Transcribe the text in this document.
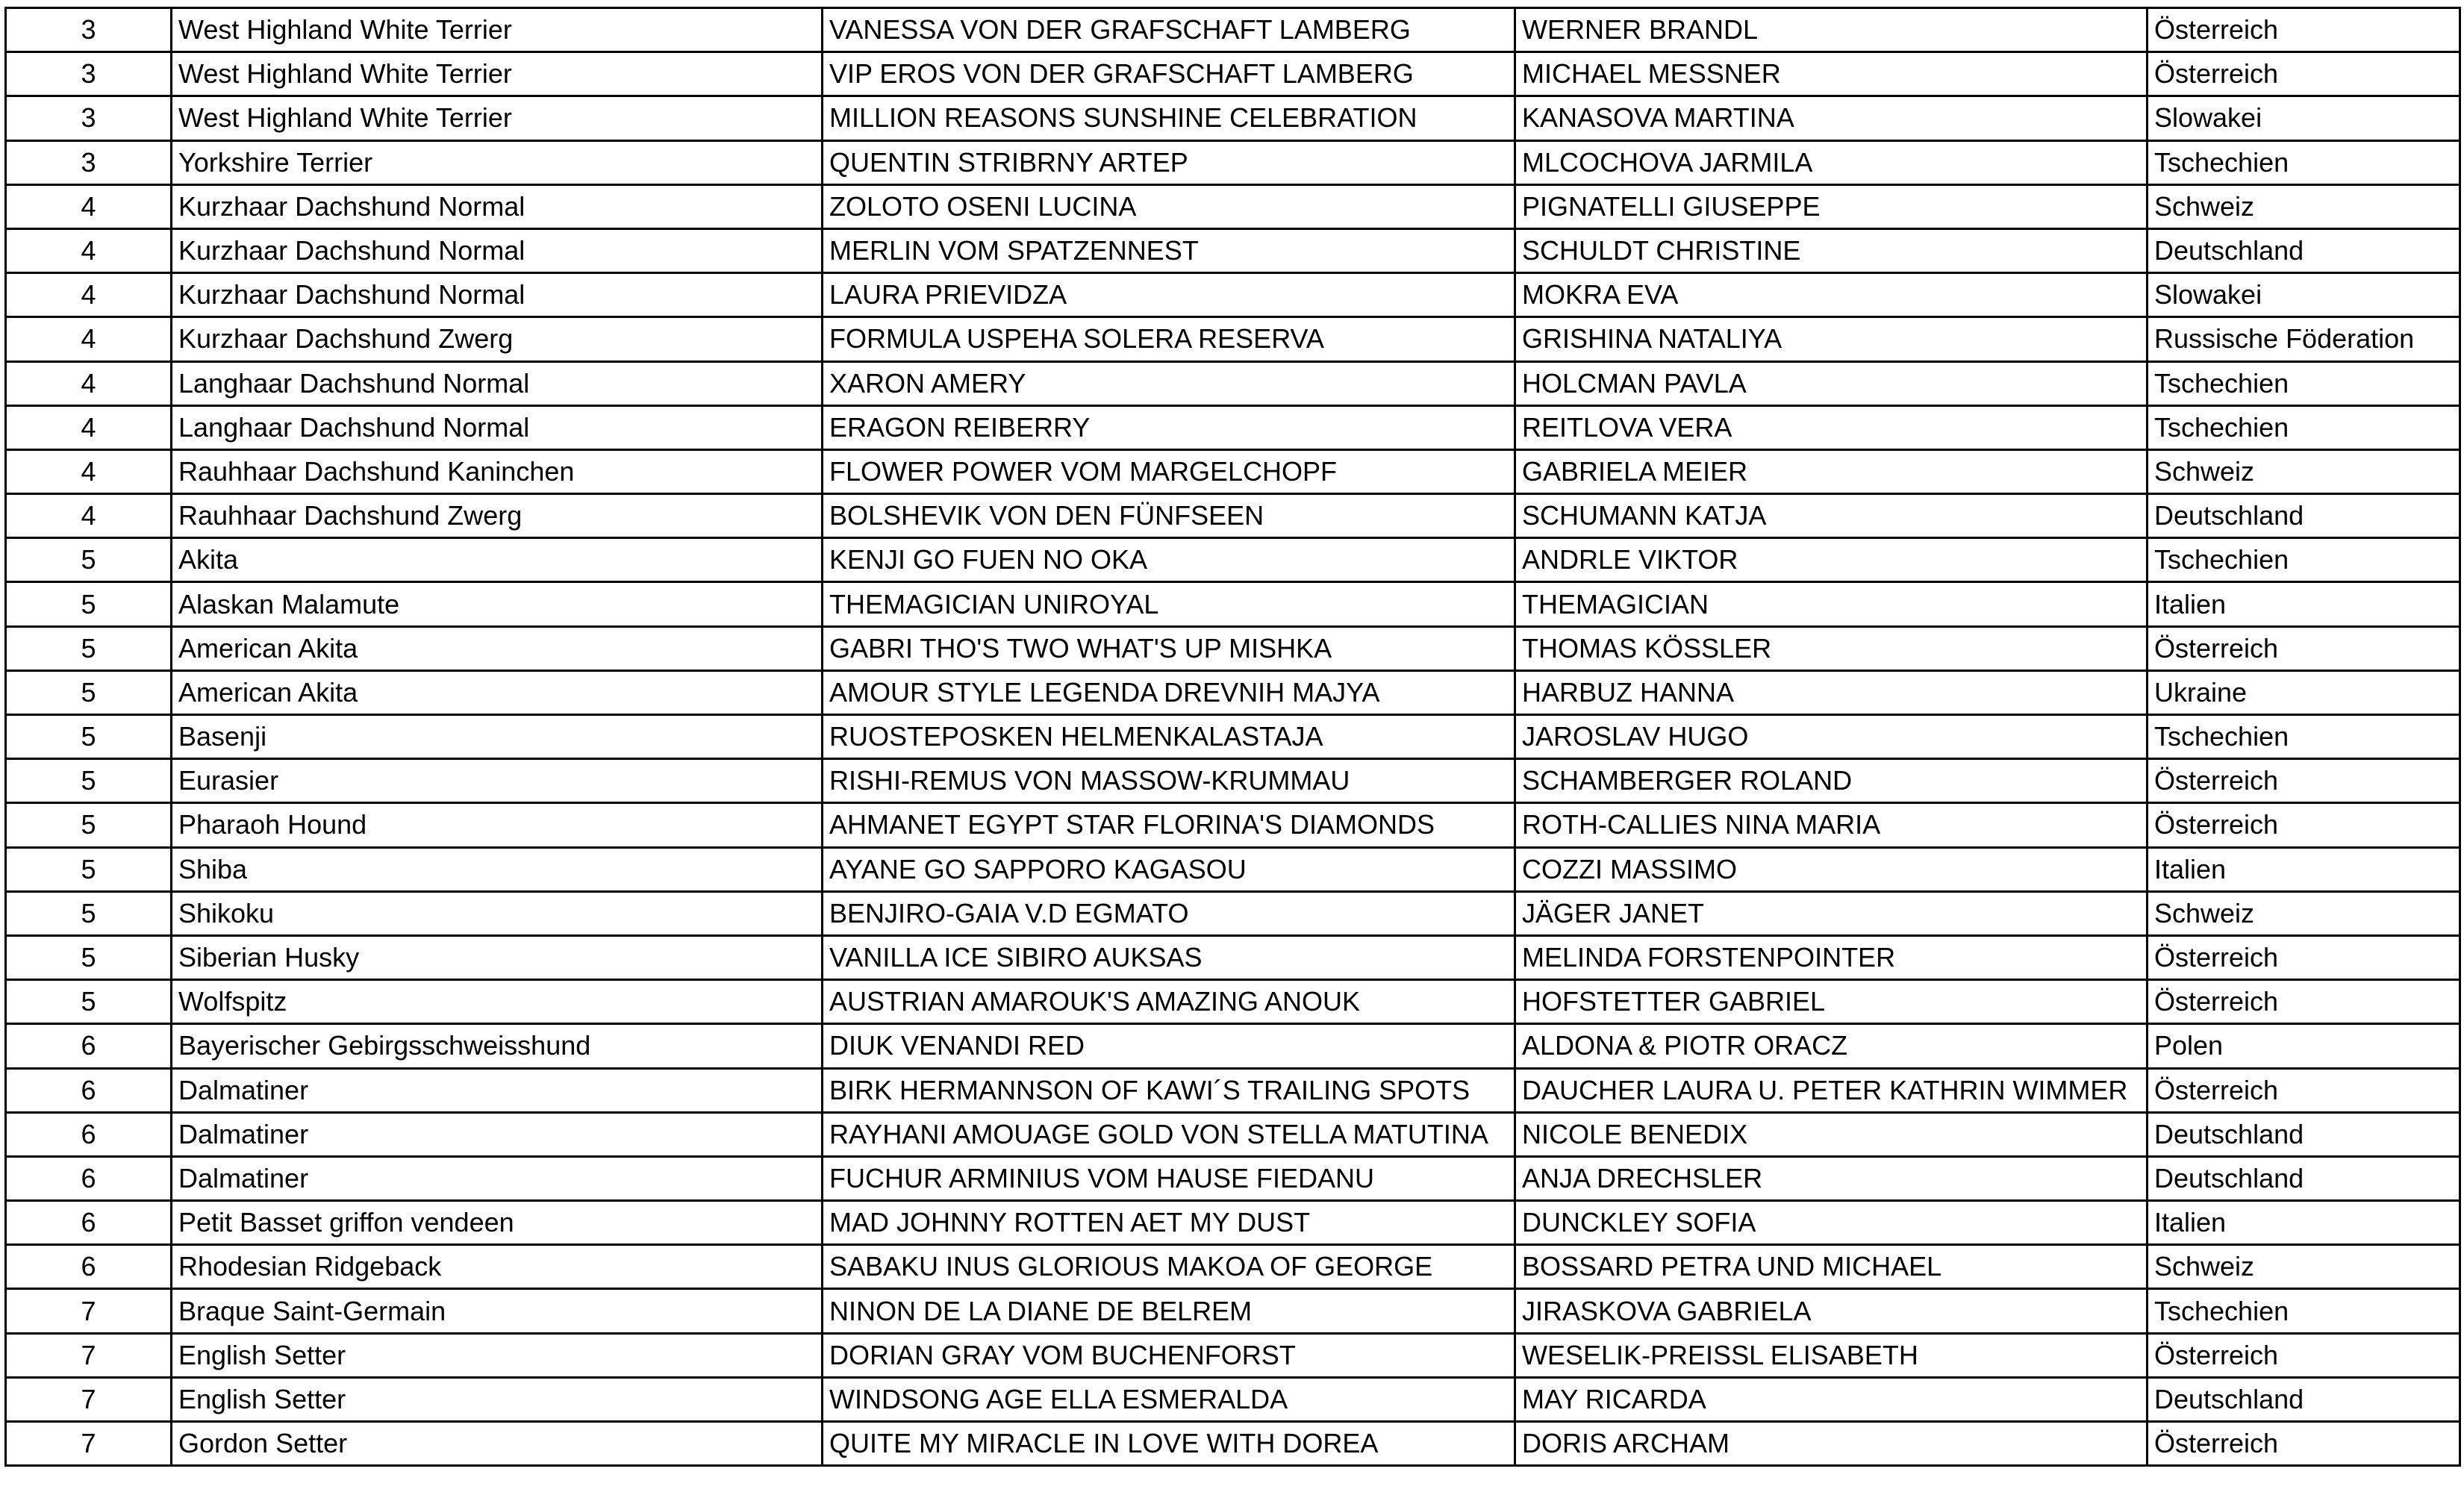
3	West Highland White Terrier	VANESSA VON DER GRAFSCHAFT LAMBERG	WERNER BRANDL	Österreich
3	West Highland White Terrier	VIP EROS VON DER GRAFSCHAFT LAMBERG	MICHAEL MESSNER	Österreich
3	West Highland White Terrier	MILLION REASONS SUNSHINE CELEBRATION	KANASOVA MARTINA	Slowakei
3	Yorkshire Terrier	QUENTIN STRIBRNY ARTEP	MLCOCHOVA JARMILA	Tschechien
4	Kurzhaar Dachshund Normal	ZOLOTO OSENI LUCINA	PIGNATELLI GIUSEPPE	Schweiz
4	Kurzhaar Dachshund Normal	MERLIN VOM SPATZENNEST	SCHULDT CHRISTINE	Deutschland
4	Kurzhaar Dachshund Normal	LAURA PRIEVIDZA	MOKRA EVA	Slowakei
4	Kurzhaar Dachshund Zwerg	FORMULA USPEHA SOLERA RESERVA	GRISHINA NATALIYA	Russische Föderation
4	Langhaar Dachshund Normal	XARON AMERY	HOLCMAN PAVLA	Tschechien
4	Langhaar Dachshund Normal	ERAGON REIBERRY	REITLOVA VERA	Tschechien
4	Rauhhaar Dachshund Kaninchen	FLOWER POWER VOM MARGELCHOPF	GABRIELA MEIER	Schweiz
4	Rauhhaar Dachshund Zwerg	BOLSHEVIK VON DEN FÜNFSEEN	SCHUMANN KATJA	Deutschland
5	Akita	KENJI GO FUEN NO OKA	ANDRLE VIKTOR	Tschechien
5	Alaskan Malamute	THEMAGICIAN UNIROYAL	THEMAGICIAN	Italien
5	American Akita	GABRI THO'S TWO WHAT'S UP MISHKA	THOMAS KÖSSLER	Österreich
5	American Akita	AMOUR STYLE LEGENDA DREVNIH MAJYA	HARBUZ HANNA	Ukraine
5	Basenji	RUOSTEPOSKEN HELMENKALASTAJA	JAROSLAV HUGO	Tschechien
5	Eurasier	RISHI-REMUS VON MASSOW-KRUMMAU	SCHAMBERGER ROLAND	Österreich
5	Pharaoh Hound	AHMANET EGYPT STAR FLORINA'S DIAMONDS	ROTH-CALLIES NINA MARIA	Österreich
5	Shiba	AYANE GO SAPPORO KAGASOU	COZZI MASSIMO	Italien
5	Shikoku	BENJIRO-GAIA V.D EGMATO	JÄGER JANET	Schweiz
5	Siberian Husky	VANILLA ICE SIBIRO AUKSAS	MELINDA FORSTENPOINTER	Österreich
5	Wolfspitz	AUSTRIAN AMAROUK'S AMAZING ANOUK	HOFSTETTER GABRIEL	Österreich
6	Bayerischer Gebirgsschweisshund	DIUK VENANDI RED	ALDONA & PIOTR ORACZ	Polen
6	Dalmatiner	BIRK HERMANNSON OF KAWI´S TRAILING SPOTS	DAUCHER LAURA U. PETER KATHRIN WIMMER	Österreich
6	Dalmatiner	RAYHANI AMOUAGE GOLD VON STELLA MATUTINA	NICOLE BENEDIX	Deutschland
6	Dalmatiner	FUCHUR ARMINIUS VOM HAUSE FIEDANU	ANJA DRECHSLER	Deutschland
6	Petit Basset griffon vendeen	MAD JOHNNY ROTTEN AET MY DUST	DUNCKLEY SOFIA	Italien
6	Rhodesian Ridgeback	SABAKU INUS GLORIOUS MAKOA OF GEORGE	BOSSARD PETRA UND MICHAEL	Schweiz
7	Braque Saint-Germain	NINON DE LA DIANE DE BELREM	JIRASKOVA GABRIELA	Tschechien
7	English Setter	DORIAN GRAY VOM BUCHENFORST	WESELIK-PREISSL ELISABETH	Österreich
7	English Setter	WINDSONG AGE ELLA ESMERALDA	MAY RICARDA	Deutschland
7	Gordon Setter	QUITE MY MIRACLE IN LOVE WITH DOREA	DORIS ARCHAM	Österreich
